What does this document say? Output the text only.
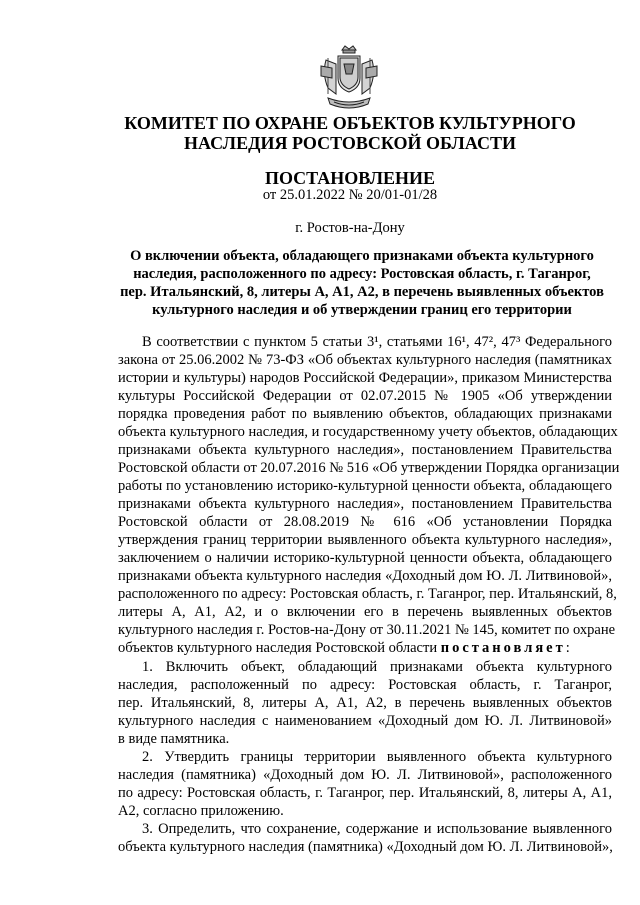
КОМИТЕТ ПО ОХРАНЕ ОБЪЕКТОВ КУЛЬТУРНОГО
НАСЛЕДИЯ РОСТОВСКОЙ ОБЛАСТИ
ПОСТАНОВЛЕНИЕ
от 25.01.2022 № 20/01-01/28
г. Ростов-на-Дону
О включении объекта, обладающего признаками объекта культурного
наследия, расположенного по адресу: Ростовская область, г. Таганрог,
пер. Итальянский, 8, литеры А, А1, А2, в перечень выявленных объектов
культурного наследия и об утверждении границ его территории
В соответствии с пунктом 5 статьи 3¹, статьями 16¹, 47², 47³ Федерального
закона от 25.06.2002 № 73-ФЗ «Об объектах культурного наследия (памятниках
истории и культуры) народов Российской Федерации», приказом Министерства
культуры Российской Федерации от 02.07.2015 № 1905 «Об утверждении
порядка проведения работ по выявлению объектов, обладающих признаками
объекта культурного наследия, и государственному учету объектов, обладающих
признаками объекта культурного наследия», постановлением Правительства
Ростовской области от 20.07.2016 № 516 «Об утверждении Порядка организации
работы по установлению историко-культурной ценности объекта, обладающего
признаками объекта культурного наследия», постановлением Правительства
Ростовской области от 28.08.2019 № 616 «Об установлении Порядка
утверждения границ территории выявленного объекта культурного наследия»,
заключением о наличии историко-культурной ценности объекта, обладающего
признаками объекта культурного наследия «Доходный дом Ю. Л. Литвиновой»,
расположенного по адресу: Ростовская область, г. Таганрог, пер. Итальянский, 8,
литеры А, А1, А2, и о включении его в перечень выявленных объектов
культурного наследия г. Ростов-на-Дону от 30.11.2021 № 145, комитет по охране
объектов культурного наследия Ростовской области постановляет:
1. Включить объект, обладающий признаками объекта культурного
наследия, расположенный по адресу: Ростовская область, г. Таганрог,
пер. Итальянский, 8, литеры А, А1, А2, в перечень выявленных объектов
культурного наследия с наименованием «Доходный дом Ю. Л. Литвиновой»
в виде памятника.
2. Утвердить границы территории выявленного объекта культурного
наследия (памятника) «Доходный дом Ю. Л. Литвиновой», расположенного
по адресу: Ростовская область, г. Таганрог, пер. Итальянский, 8, литеры А, А1,
А2, согласно приложению.
3. Определить, что сохранение, содержание и использование выявленного
объекта культурного наследия (памятника) «Доходный дом Ю. Л. Литвиновой»,
